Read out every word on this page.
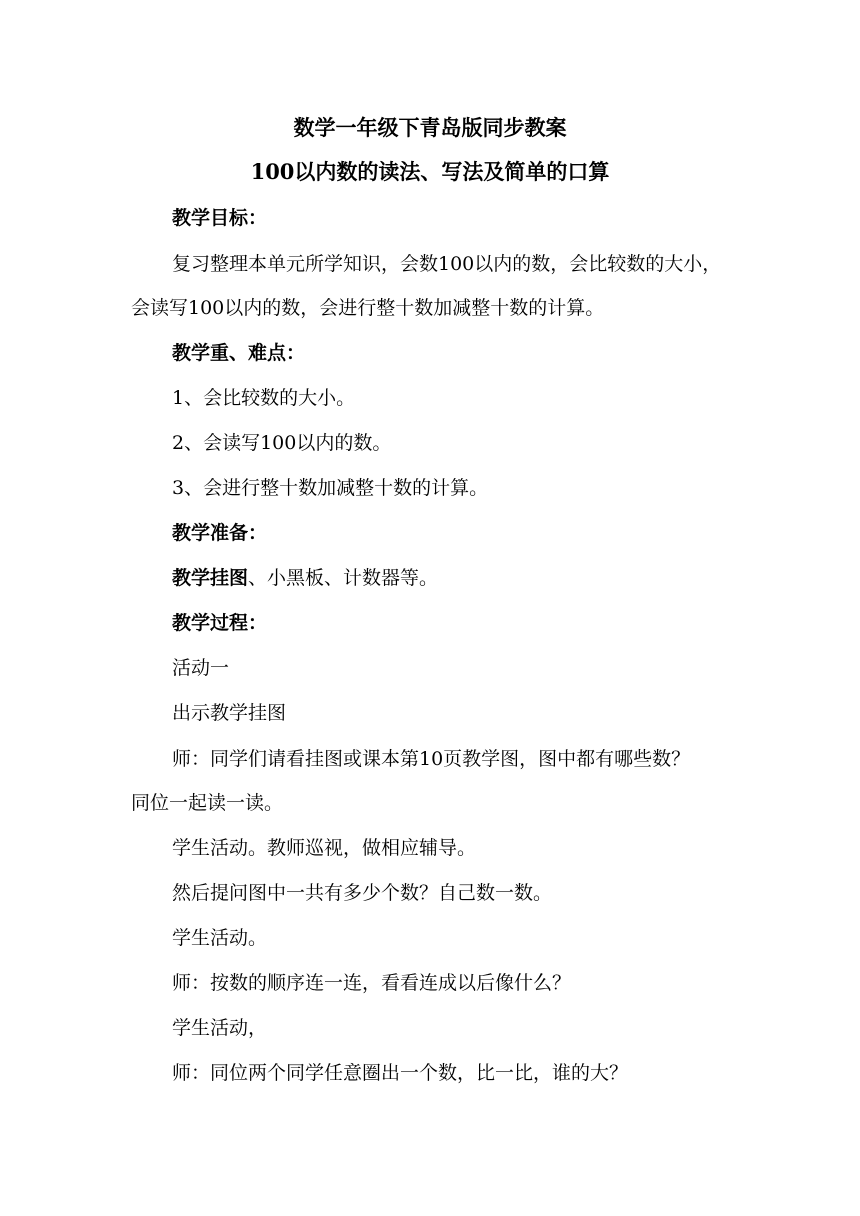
数学一年级下青岛版同步教案
100以内数的读法、写法及简单的口算
教学目标：
复习整理本单元所学知识，会数100以内的数，会比较数的大小，
会读写100以内的数，会进行整十数加减整十数的计算。
教学重、难点：
1、会比较数的大小。
2、会读写100以内的数。
3、会进行整十数加减整十数的计算。
教学准备：
教学挂图、小黑板、计数器等。
教学过程：
活动一
出示教学挂图
师：同学们请看挂图或课本第10页教学图，图中都有哪些数？
同位一起读一读。
学生活动。教师巡视，做相应辅导。
然后提问图中一共有多少个数？自己数一数。
学生活动。
师：按数的顺序连一连，看看连成以后像什么？
学生活动，
师：同位两个同学任意圈出一个数，比一比，谁的大？
